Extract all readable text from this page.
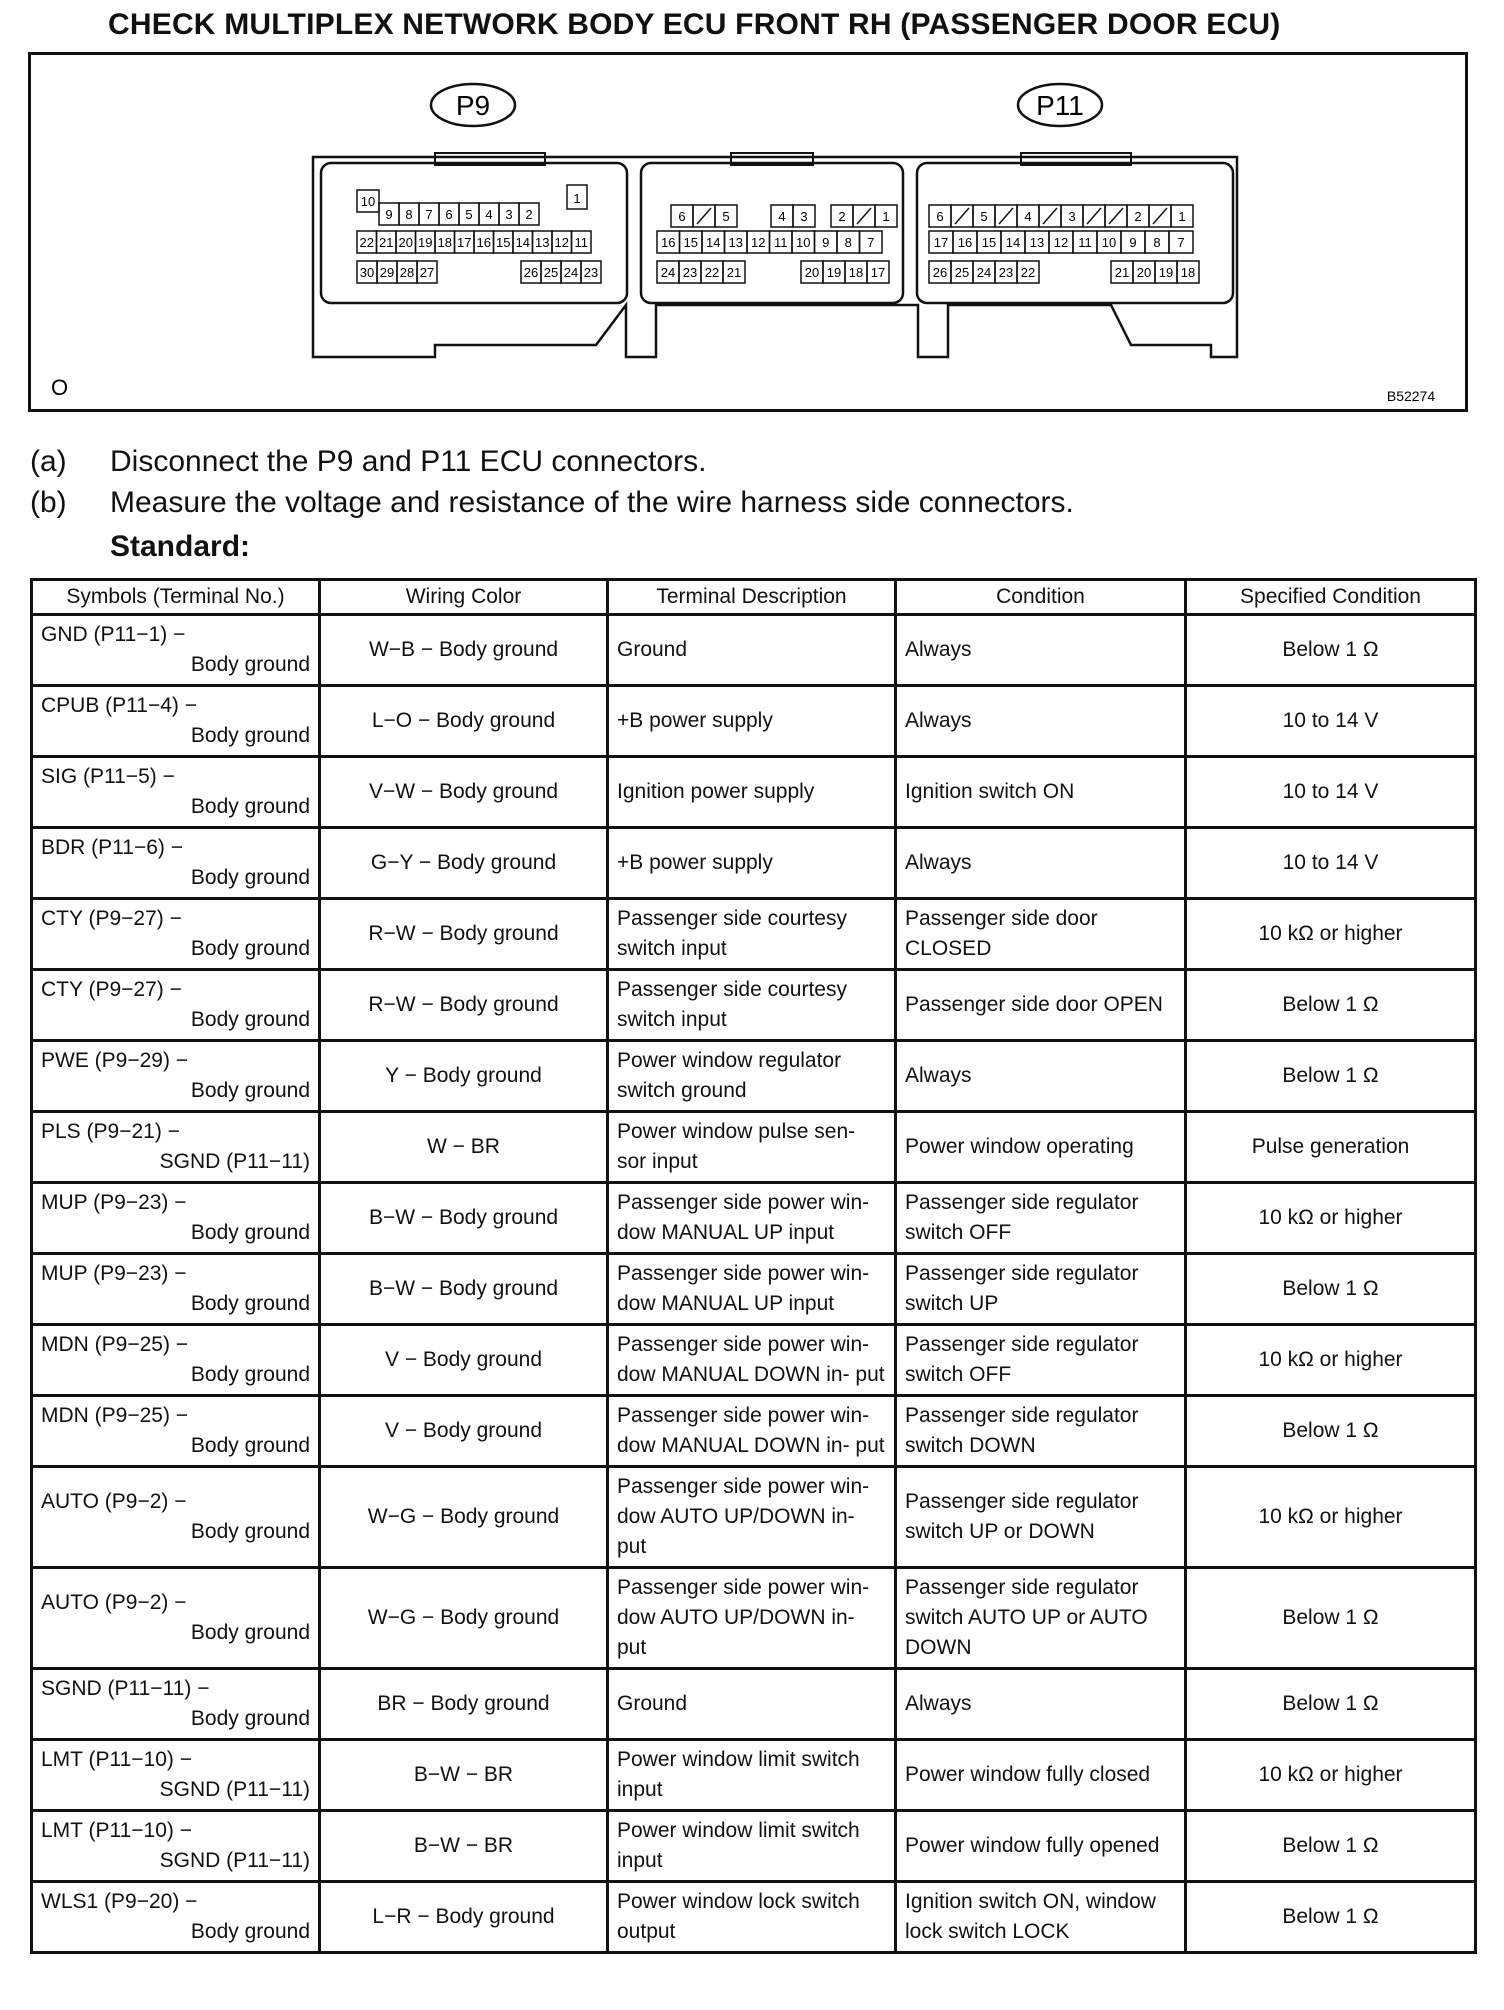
CHECK MULTIPLEX NETWORK BODY ECU FRONT RH (PASSENGER DOOR ECU)
P9	P11
10	1
9 8 7 6 5 4 3 2
22 21 20 19 18 17 16 15 14 13 12 11
30 29 28 27	26 25 24 23
6	5	4 3 2	1
16 15 14 13 12 11 10 9 8 7
24 23 22 21	20 19 18 17
6	5	4	3	2	1
17 16 15 14 13 12 11 10 9 8 7
26 25 24 23 22	21 20 19 18
O	B52274
(a) Disconnect the P9 and P11 ECU connectors.
(b) Measure the voltage and resistance of the wire harness side connectors.
Standard:
Symbols (Terminal No.)	Wiring Color	Terminal Description	Condition	Specified Condition

GND (P11−1) −
Body ground	W−B − Body ground	Ground	Always	Below 1 Ω

CPUB (P11−4) −
Body ground	L−O − Body ground	+B power supply	Always	10 to 14 V

SIG (P11−5) −
Body ground	V−W − Body ground	Ignition power supply	Ignition switch ON	10 to 14 V

BDR (P11−6) −
Body ground	G−Y − Body ground	+B power supply	Always	10 to 14 V

CTY (P9−27) −
Body ground	R−W − Body ground	Passenger side courtesy switch input	Passenger side door CLOSED	10 kΩ or higher

CTY (P9−27) −
Body ground	R−W − Body ground	Passenger side courtesy switch input	Passenger side door OPEN	Below 1 Ω

PWE (P9−29) −
Body ground	Y − Body ground	Power window regulator switch ground	Always	Below 1 Ω

PLS (P9−21) −
SGND (P11−11)	W − BR	Power window pulse sen- sor input	Power window operating	Pulse generation

MUP (P9−23) −
Body ground	B−W − Body ground	Passenger side power win- dow MANUAL UP input	Passenger side regulator switch OFF	10 kΩ or higher

MUP (P9−23) −
Body ground	B−W − Body ground	Passenger side power win- dow MANUAL UP input	Passenger side regulator switch UP	Below 1 Ω

MDN (P9−25) −
Body ground	V − Body ground	Passenger side power win- dow MANUAL DOWN in- put	Passenger side regulator switch OFF	10 kΩ or higher

MDN (P9−25) −
Body ground	V − Body ground	Passenger side power win- dow MANUAL DOWN in- put	Passenger side regulator switch DOWN	Below 1 Ω

AUTO (P9−2) −
Body ground	W−G − Body ground	Passenger side power win- dow AUTO UP/DOWN in- put	Passenger side regulator switch UP or DOWN	10 kΩ or higher

AUTO (P9−2) −
Body ground	W−G − Body ground	Passenger side power win- dow AUTO UP/DOWN in- put	Passenger side regulator switch AUTO UP or AUTO DOWN	Below 1 Ω

SGND (P11−11) −
Body ground	BR − Body ground	Ground	Always	Below 1 Ω

LMT (P11−10) −
SGND (P11−11)	B−W − BR	Power window limit switch input	Power window fully closed	10 kΩ or higher

LMT (P11−10) −
SGND (P11−11)	B−W − BR	Power window limit switch input	Power window fully opened	Below 1 Ω

WLS1 (P9−20) −
Body ground	L−R − Body ground	Power window lock switch output	Ignition switch ON, window lock switch LOCK	Below 1 Ω
